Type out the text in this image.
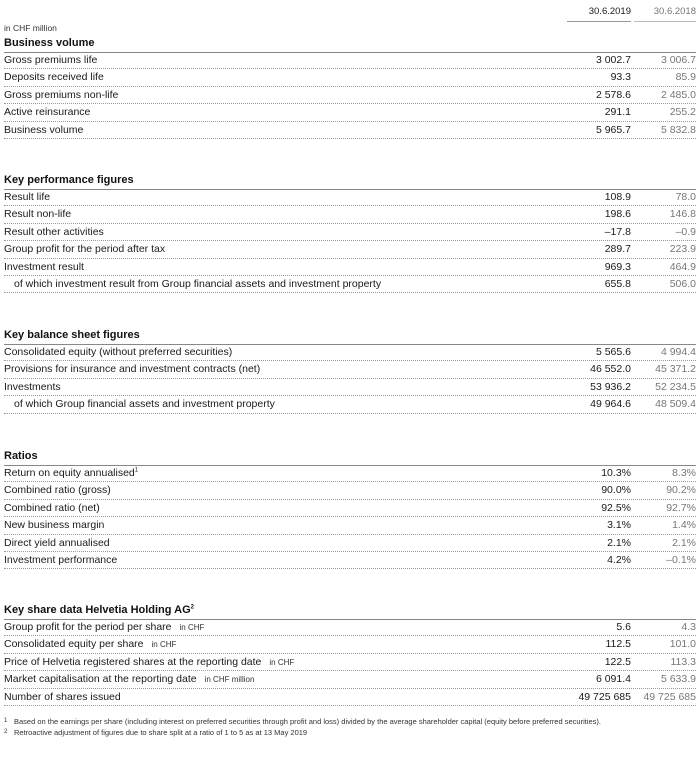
30.6.2019	30.6.2018
in CHF million
Business volume
Gross premiums life	3 002.7	3 006.7
Deposits received life	93.3	85.9
Gross premiums non-life	2 578.6	2 485.0
Active reinsurance	291.1	255.2
Business volume	5 965.7	5 832.8
Key performance figures
Result life	108.9	78.0
Result non-life	198.6	146.8
Result other activities	–17.8	–0.9
Group profit for the period after tax	289.7	223.9
Investment result	969.3	464.9
of which investment result from Group financial assets and investment property	655.8	506.0
Key balance sheet figures
Consolidated equity (without preferred securities)	5 565.6	4 994.4
Provisions for insurance and investment contracts (net)	46 552.0	45 371.2
Investments	53 936.2	52 234.5
of which Group financial assets and investment property	49 964.6	48 509.4
Ratios
Return on equity annualised$^1$	10.3%	8.3%
Combined ratio (gross)	90.0%	90.2%
Combined ratio (net)	92.5%	92.7%
New business margin	3.1%	1.4%
Direct yield annualised	2.1%	2.1%
Investment performance	4.2%	–0.1%
Key share data Helvetia Holding $AG^2$
Group profit for the period per share in CHF	5.6	4.3
Consolidated equity per share in CHF	112.5	101.0
Price of Helvetia registered shares at the reporting date in CHF	122.5	113.3
Market capitalisation at the reporting date in CHF million	6 091.4	5 633.9
Number of shares issued	49 725 685	49 725 685
1 Based on the earnings per share (including interest on preferred securities through profit and loss) divided by the average shareholder capital (equity before preferred securities).
2 Retroactive adjustment of figures due to share split at a ratio of 1 to 5 as at 13 May 2019
